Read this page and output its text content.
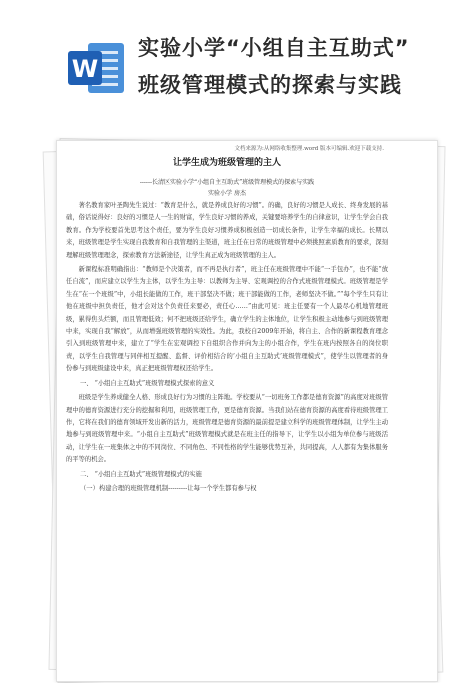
W
实验小学“小组自主互助式”
班级管理模式的探索与实践
文档来源为:从网络收集整理.word 版本可编辑.欢迎下载支持.
让学生成为班级管理的主人
------长清区实验小学“小组自主互助式”班级管理模式的探索与实践
实验小学 房杰

著名教育家叶圣陶先生说过：“教育是什么，就是养成良好的习惯”。的确，良好的习惯是人成长、终身发展的基础，俗话说得好：良好的习惯是人一生的财富，学生良好习惯的养成，关键要培养学生的自律意识，让学生学会自我教育。作为学校要首先思考这个责任，要为学生良好习惯养成积极创造一切成长条件，让学生幸福的成长。长期以来，班级管理是学生实现自我教育和自我管理的主渠道，班主任在日常的班级管理中必须挑照素质教育的要求，深刻理解班级管理理念，探索教育方法新途径，让学生真正成为班级管理的主人。

新课程标准明确指出：“教师是个决策者，而不再是执行者”，班主任在班级管理中不能“一手包办”，也不能“放任自流”，而应建立以学生为主体，以学生为主导：以教师为主导、宏观调控的合作式班级管理模式。班级管理是学生在“在一个班级”中，小组长能做的工作，班干部坚决不做；班干部能做的工作，老师坚决不做。”“每个学生只有让他在班级中担负责任，他才会对这个负责任来要必，责任心……”由此可见：班主任要有一个人最尽心机地管理班级，累得焦头烂额，而且管理低效；何不把班级还给学生，确立学生的主体地位，让学生积极主动地参与到班级管理中来，实现自我“解放”，从而增强班级管理的实效性。为此，我校自2009年开始，将自主、合作的新课程教育理念引入到班级管理中来，建立了“学生在宏观调控下自组织合作并向为主的小组合作，学生在班内按照各自的岗位职责，以学生自我管理与同伴相互提醒、监督、评价相结合的‘小组自主互助式’班级管理模式”，使学生以管理者的身份参与到班级建设中来，真正把班级管理权还给学生。

一、 “小组自主互助式”班级管理模式探索的意义

班级是学生养成健全人格、形成良好行为习惯的主阵地。学校要从“一切班务工作都是德育资源”的高度对班级管理中的德育资源进行充分的挖掘和利用，班级管理工作，更是德育资源。当我们站在德育资源的高度看待班级管理工作，它将在我们的德育领域开发出新的活力，班级管理是德育资源的最前提是建立科学的班级管理体制，让学生主动地参与到班级管理中来。“小组自主互助式”班级管理模式就是在班主任的指导下，让学生以小组为单位参与班级活动，让学生在一班集体之中的不同岗位、不同角色、不同性格的学生能够优势互补，共同提高，人人都有为集体服务的平等的机会。

二、 “小组自主互助式”班级管理模式的实施
（一）构建合理的班级管理机制---------让每一个学生都有参与权
